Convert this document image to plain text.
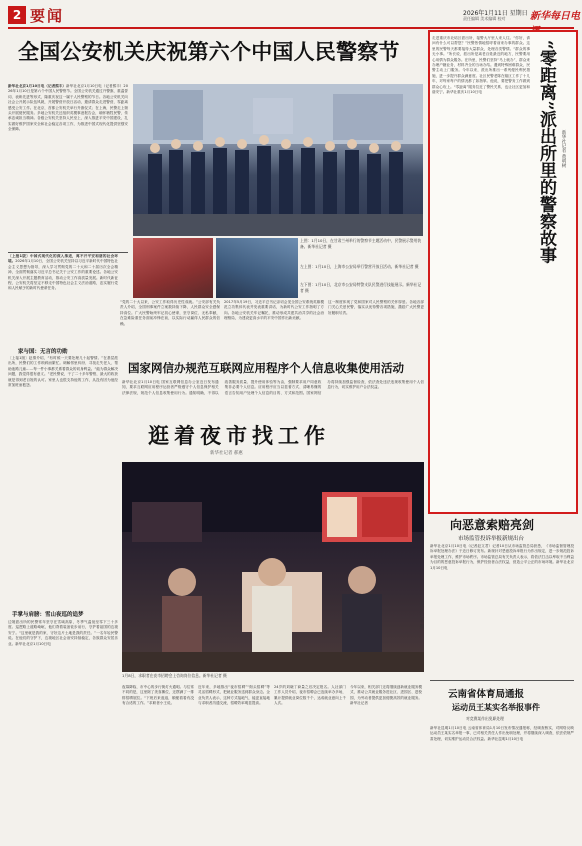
2 要闻	2026年1月11日 星期日
责任编辑 美术编辑 校对 新华每日电
全国公安机关庆祝第六个中国人民警察节
新华社北京1月10日电（记者熊丰）新华社北京1月10日电（记者熊丰）2026年1月10日是第六个中国人民警察节。全国公安机关通过升警旗、重温誓词、表彰先进等形式，隆重庆祝这一属于人民警察的节日。各地公安机关向社会公开展示队伍风貌，开展警营开放日活动，邀请群众走进警营，零距离感受公安工作。在北京，首都公安机关举行升旗仪式；在上海，民警走上街头开展便民服务。多地公安机关还组织英模事迹报告会，缅怀牺牲民警，传承忠诚担当精神。各级公安机关坚持人民至上，深入推进平安中国建设，扎实做好维护国家安全和社会稳定各项工作，为推进中国式现代化提供坚强安全保障。
上图：1月10日，在甘肃兰州举行的警察节主题活动中，民警展示警用装备。新华社记者 摄
左上图：1月10日，上海市公安局举行警营开放日活动。新华社记者 摄
左下图：1月10日，北京市公安局特警支队民警进行技能展示。新华社记者 摄
〔上接1版〕中国式现代化的深入推进，离不开平安和谐的社会环境。2026年1月10日，全国公安机关坚持以习近平新时代中国特色社会主义思想为指导，深入学习贯彻党的二十大和二十届历次全会精神，全面贯彻落实习近平总书记关于公安工作的重要论述。各地公安机关深入开展主题教育活动，推动公安工作高质量发展。新时代新征程，公安机关将坚定不移走中国特色社会主义法治道路，忠实履行党和人民赋予的新时代使命任务。
“党的二十大以来，公安工作取得历史性成就。”公安部有关负责人介绍，全国刑事案件立案数持续下降，人民群众安全感保持高位。广大民警始终牢记初心使命，坚守岗位、无私奉献，在急难险重任务面前冲锋在前，以实际行动赢得人民群众的信赖。
2017年5月19日，习近平总书记亲切会见全国公安系统英雄模范立功集体代表并发表重要讲话，为新时代公安工作指明了方向。各地公安机关牢记嘱托，推动形成共建共治共享的社会治理格局，为建设更高水平的平安中国作出新贡献。
这一制度体现了党和国家对人民警察的关怀厚爱。各地各部门关心关爱民警，落实从优待警各项措施，激励广大民警更好履职尽责。
家与国：无言的功勋
〔上接1版〕赵倩介绍，“有时候一天要处理几十起警情。”在基层派出所，民警们的工作琐碎而繁忙。调解邻里纠纷、寻找走失老人、帮助迷路儿童……每一件小事都关系着群众的切身利益。“能为群众解决问题，我觉得很有意义。”老民警说，干了二十多年警察，最大的收获就是得到老百姓的认可。家里人也很支持他的工作，从没有因为他经常加班而抱怨。
手掌与肩膀：雪山夜巡的追梦
边境派出所的民警常年坚守在雪域高原，冬季气温低至零下三十多度。巡逻路上道路崎岖，他们背着装备徒步前行，守护着祖国的边境安宁。“这里就是我的家，守好这片土地是我的责任。”一名年轻民警说。在他们的守护下，边境地区社会治安持续稳定，各族群众安居乐业。新华社北京1月10日电
国家网信办规范互联网应用程序个人信息收集使用活动
新华社北京1月10日电 国家互联网信息办公室近日发布通知，要求互联网应用程序运营者严格遵守个人信息保护相关法律法规，规范个人信息收集使用行为。通知明确，不得以改善服务质量、提升使用体验等为由，强制要求用户同意收集非必要个人信息。应用程序应当以显著方式、清晰易懂的语言告知用户处理个人信息的目的、方式和范围。国家网信办将持续加强监督检查，依法查处违法违规收集使用个人信息行为，切实维护用户合法权益。
逛着夜市找工作
新华社记者 郝惠
新华社记者 摄
1月8日，求职者在夜市招聘会上咨询岗位信息。新华社记者 摄
夜幕降临，市中心的步行街灯火通明。与往常不同的是，这里除了美食摊位，还摆满了一排排招聘展位。“下班后来逛逛，顺便看看有没有合适的工作。”求职者小王说。
近年来，多地推出“夜市招聘”“街头招聘”等灵活招聘形式，把就业服务送到群众身边。企业负责人表示，这种方式接地气，能更直接地与求职者沟通交流，招聘效率明显提高。
24岁的刘晓丁商量之后决定报名。人社部门工作人员介绍，夜市招聘会已连续举办多场，累计提供就业岗位数千个，达成就业意向上千人次。
今年以来，相关部门还将继续创新就业服务模式，推动公共就业服务进社区、进园区、进校园，为劳动者提供更加便捷高效的就业服务。新华社记者
走进重庆市北碚区派出所，接警大厅里人来人往。“你好，请问有什么可以帮您？”民警热情地招呼着前来办事的群众。这里的民警每天都要接待大量群众，处理各类警情。“群众的事无小事。”所长说，派出所是离老百姓最近的地方，民警要用心用情为群众服务。在所里，民警们坚持“马上就办”，群众来办理户籍业务，材料齐全的当场办结。遇到特殊困难群众，民警主动上门服务。今年以来，派出所推出一系列便民利民措施，进一步提升群众满意度。社区民警老陈在辖区工作了十几年，对每家每户的情况都了如指掌。他说，要把警务工作做到群众心坎上。“零距离”服务拉近了警民关系，也让社区更加和谐安宁。新华社重庆1月10日电	“零距离”派出所里的警察故事 新华社记者 黄明树
向恶意索赔亮剑
市场监管投诉举报新规出台
新华社北京1月10日电（记者赵文君）记者10日从市场监管总局获悉，《市场监督管理投诉举报处理办法》于近日修订发布。新规针对恶意投诉举报行为作出规定，进一步规范投诉举报处理工作，维护市场秩序。市场监管总局有关负责人表示，将依法打击以牟取不当利益为目的的恶意投诉举报行为，保护经营者合法权益，营造公平公正的市场环境。新华社北京1月10日电
云南省体育局通报
运动员王某实名举报事件
对竞赛某作出免职处理
新华社昆明1月10日电 云南省体育局1月10日发布情况通报称，经调查核实，对网络反映运动员王某实名举报一事，已对相关责任人作出免职处理，并将继续深入调查，依法依规严肃处理，切实维护运动员合法权益。新华社昆明1月10日电
